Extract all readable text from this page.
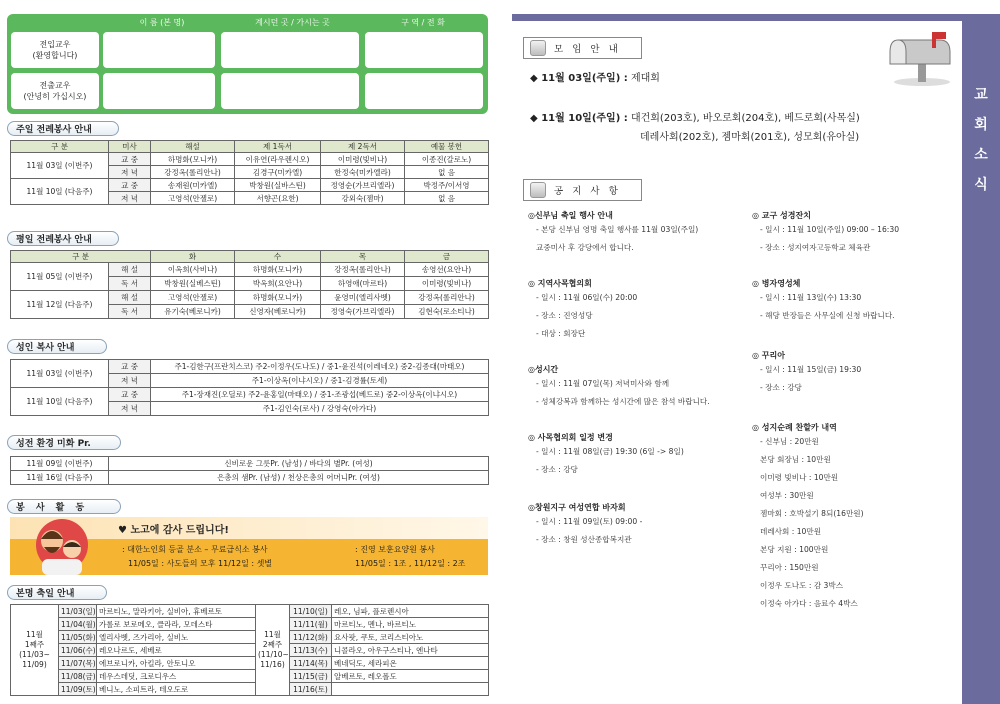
이 름 (본 명)	계시던 곳 / 가시는 곳	구 역 / 전 화
전입교우
(환영합니다)
전출교우
(안녕히 가십시오)
주일 전례봉사 안내
구 분	미사	해설	제 1독서	제 2독서	예물 봉헌
11월 03일 (이번주)	교 중	하명화(모니카)	이유연(라우렌시오)	이미령(빛비나)	이종진(갈로노)
	저 녁	강정옥(롤리안나)	김경구(미카엘)	한정숙(미카엘라)	없 음
11월 10일 (다음주)	교 중	송재원(미카엘)	박창원(실바스틴)	정영순(가브리엘라)	박정주/이서영
	저 녁	고영석(안젤로)	서향곤(요한)	강외숙(젬마)	없 음
평일 전례봉사 안내
구 분		화	수	목	금
11월 05일 (이번주)	해 설	이옥희(사비나)	하명화(모니카)	강정옥(롤리안나)	송영선(요안나)
	독 서	박창원(실베스틴)	박옥희(요안나)	하영애(마르타)	이미령(빛비나)
11월 12일 (다음주)	해 설	고영석(안젤로)	하명화(모니카)	윤영미(엘리사벳)	강정옥(롤리안나)
	독 서	유기숙(베로니카)	신영자(베로니카)	정영숙(가브리엘라)	김현숙(로소티나)
성인 복사 안내
11월 03일 (이번주)	교 중	주1-김한구(프란치스코) 주2-이정우(도나도) / 중1-윤진석(이레네오) 중2-김종대(마태오)
	저 녁	주1-이상옥(이냐시오) / 중1-김경률(토세)
11월 10일 (다음주)	교 중	주1-장재진(오딜로) 주2-윤홍일(마태오) / 중1-조광섭(베드로) 중2-이상옥(이냐시오)
	저 녁	주1-김인숙(로사) / 강영숙(아가다)
성전 환경 미화 Pr.
11월 09일 (이번주)	신비로운 그릇Pr. (남성) / 바다의 별Pr. (여성)
11월 16일 (다음주)	은총의 샘Pr. (남성) / 천상은총의 어머니Pr. (여성)
봉 사 활 동
♥ 노고에 감사 드립니다!
: 대한노인회 등골 분소 – 무료급식소 봉사
11/05일 : 사도들의 모후 11/12일 : 셋별
: 진영 보훈요양원 봉사
11/05일 : 1조 , 11/12일 : 2조
본명 축일 안내
11월
1째주
(11/03~
11/09)	11/03(일)	마르티노, 말라키아, 실비아, 휴베르토
	11/04(월)	가롤로 보로메오, 클라라, 모데스타
	11/05(화)	엘리사벳, 즈가리아, 실비노
	11/06(수)	레오나르도, 세베로
	11/07(목)	에브로니카, 아킬라, 안토니오
	11/08(금)	데우스데딧, 크로디우스
	11/09(토)	베니노, 소피트라, 테오도로
11월
2째주
(11/10~
11/16)	11/10(일)	레오, 님파, 플로렌시아
	11/11(월)	마르티노, 멘나, 바르티노
	11/12(화)	요사팟, 쿠토, 코리스티아노
	11/13(수)	니콜라오, 아우구스티나, 엔나타
	11/14(목)	베네딕도, 세라피온
	11/15(금)	알베르토, 레오폴도
	11/16(토)	
교
회
소
식
모 임 안 내
◆ 11월 03일(주일) : 제대회
◆ 11월 10일(주일) : 대건회(203호), 바오로회(204호), 베드로회(사목실)
데레사회(202호), 젬마회(201호), 성모회(유아실)
공 지 사 항
◎신부님 축일 행사 안내
- 본당 신부님 영명 축일 행사를 11월 03일(주일)
교중미사 후 강당에서 합니다.
◎ 지역사목협의회
- 일시 : 11월 06일(수) 20:00
- 장소 : 진영성당
- 대상 : 회장단
◎성시간
- 일시 : 11월 07일(목) 저녁미사와 함께
- 성체강복과 함께하는 성시간에 많은 참석 바랍니다.
◎ 사목협의회 일정 변경
- 일시 : 11월 08일(금) 19:30 (6일 -> 8일)
- 장소 : 강당
◎창원지구 여성연합 바자회
- 일시 : 11월 09일(토) 09:00 -
- 장소 : 창원 성산종합복지관
◎ 교구 성경잔치
- 일시 : 11월 10일(주일) 09:00 – 16:30
- 장소 : 성지여자고등학교 체육관
◎ 병자영성체
- 일시 : 11월 13일(수) 13:30
- 해당 반장들은 사무실에 신청 바랍니다.
◎ 꾸리아
- 일시 : 11월 15일(금) 19:30
- 장소 : 강당
◎ 성지순례 찬할카 내역
- 신부님 : 20만원
본당 회장님 : 10만원
이미령 빛비나 : 10만원
여성부 : 30만원
젬마회 : 호박설기 8되(16만원)
데레사회 : 10만원
본당 지원 : 100만원
꾸리아 : 150만원
이정우 도나도 : 감 3박스
이정숙 아가다 : 음료수 4박스
